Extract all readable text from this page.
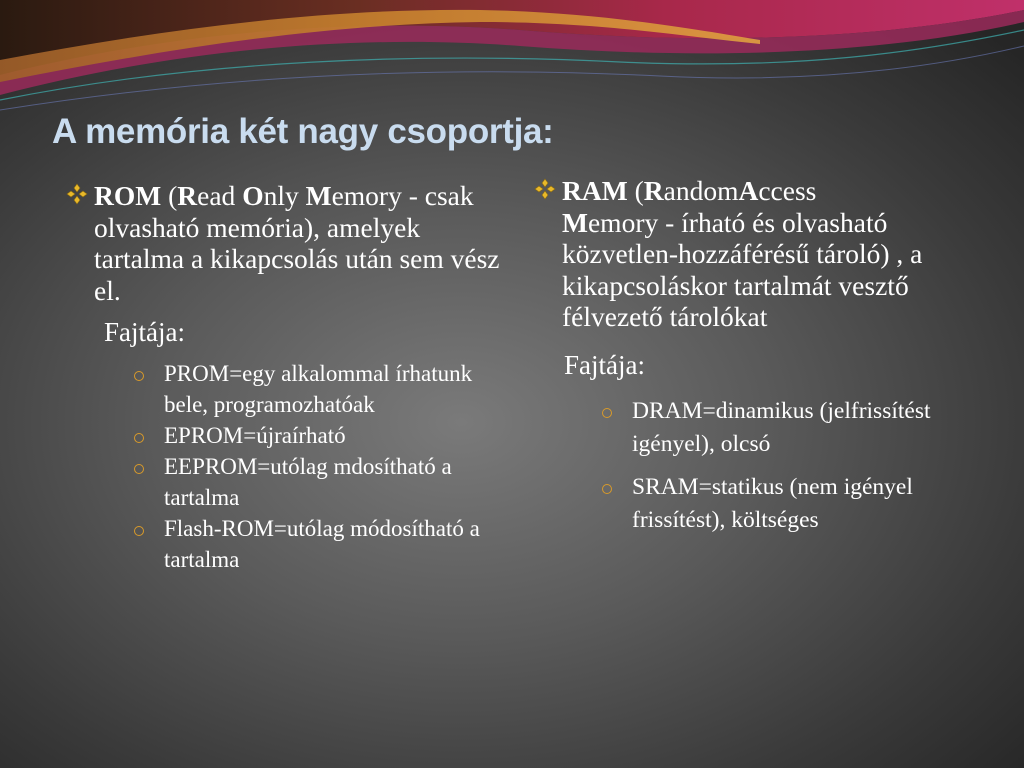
A memória két nagy csoportja:
ROM (Read Only Memory - csak olvasható memória), amelyek tartalma a kikapcsolás után sem vész el.
Fajtája:
PROM=egy alkalommal írhatunk bele, programozhatóak
EPROM=újraírható
EEPROM=utólag mdosítható a tartalma
Flash-ROM=utólag módosítható a tartalma
RAM (RandomAccess
Memory - írható és olvasható közvetlen-hozzáférésű tároló) , a kikapcsoláskor tartalmát vesztő félvezető tárolókat
Fajtája:
DRAM=dinamikus (jelfrissítést igényel), olcsó
SRAM=statikus (nem igényel frissítést), költséges
